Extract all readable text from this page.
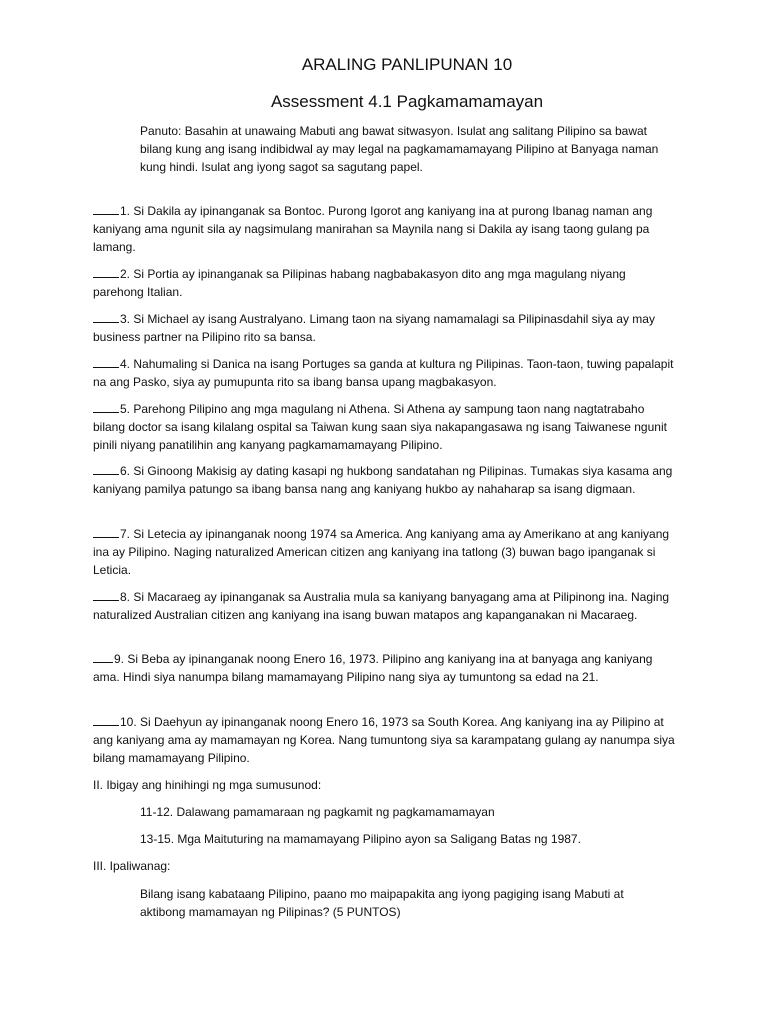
ARALING PANLIPUNAN 10
Assessment 4.1 Pagkamamamayan
Panuto: Basahin at unawaing Mabuti ang bawat sitwasyon. Isulat ang salitang Pilipino sa bawat bilang kung ang isang indibidwal ay may legal na pagkamamamayang Pilipino at Banyaga naman kung hindi. Isulat ang iyong sagot sa sagutang papel.
1. Si Dakila ay ipinanganak sa Bontoc. Purong Igorot ang kaniyang ina at purong Ibanag naman ang kaniyang ama ngunit sila ay nagsimulang manirahan sa Maynila nang si Dakila ay isang taong gulang pa lamang.
2. Si Portia ay ipinanganak sa Pilipinas habang nagbabakasyon dito ang mga magulang niyang parehong Italian.
3. Si Michael ay isang Australyano. Limang taon na siyang namamalagi sa Pilipinasdahil siya ay may business partner na Pilipino rito sa bansa.
4. Nahumaling si Danica na isang Portuges sa ganda at kultura ng Pilipinas. Taon-taon, tuwing papalapit na ang Pasko, siya ay pumupunta rito sa ibang bansa upang magbakasyon.
5. Parehong Pilipino ang mga magulang ni Athena. Si Athena ay sampung taon nang nagtatrabaho bilang doctor sa isang kilalang ospital sa Taiwan kung saan siya nakapangasawa ng isang Taiwanese ngunit pinili niyang panatilihin ang kanyang pagkamamamayang Pilipino.
6. Si Ginoong Makisig ay dating kasapi ng hukbong sandatahan ng Pilipinas. Tumakas siya kasama ang kaniyang pamilya patungo sa ibang bansa nang ang kaniyang hukbo ay nahaharap sa isang digmaan.
7. Si Letecia ay ipinanganak noong 1974 sa America. Ang kaniyang ama ay Amerikano at ang kaniyang ina ay Pilipino. Naging naturalized American citizen ang kaniyang ina tatlong (3) buwan bago ipanganak si Leticia.
8. Si Macaraeg ay ipinanganak sa Australia mula sa kaniyang banyagang ama at Pilipinong ina. Naging naturalized Australian citizen ang kaniyang ina isang buwan matapos ang kapanganakan ni Macaraeg.
9. Si Beba ay ipinanganak noong Enero 16, 1973. Pilipino ang kaniyang ina at banyaga ang kaniyang ama. Hindi siya nanumpa bilang mamamayang Pilipino nang siya ay tumuntong sa edad na 21.
10. Si Daehyun ay ipinanganak noong Enero 16, 1973 sa South Korea. Ang kaniyang ina ay Pilipino at ang kaniyang ama ay mamamayan ng Korea. Nang tumuntong siya sa karampatang gulang ay nanumpa siya bilang mamamayang Pilipino.
II. Ibigay ang hinihingi ng mga sumusunod:
11-12. Dalawang pamamaraan ng pagkamit ng pagkamamamayan
13-15. Mga Maituturing na mamamayang Pilipino ayon sa Saligang Batas ng 1987.
III. Ipaliwanag:
Bilang isang kabataang Pilipino, paano mo maipapakita ang iyong pagiging isang Mabuti at aktibong mamamayan ng Pilipinas? (5 PUNTOS)
